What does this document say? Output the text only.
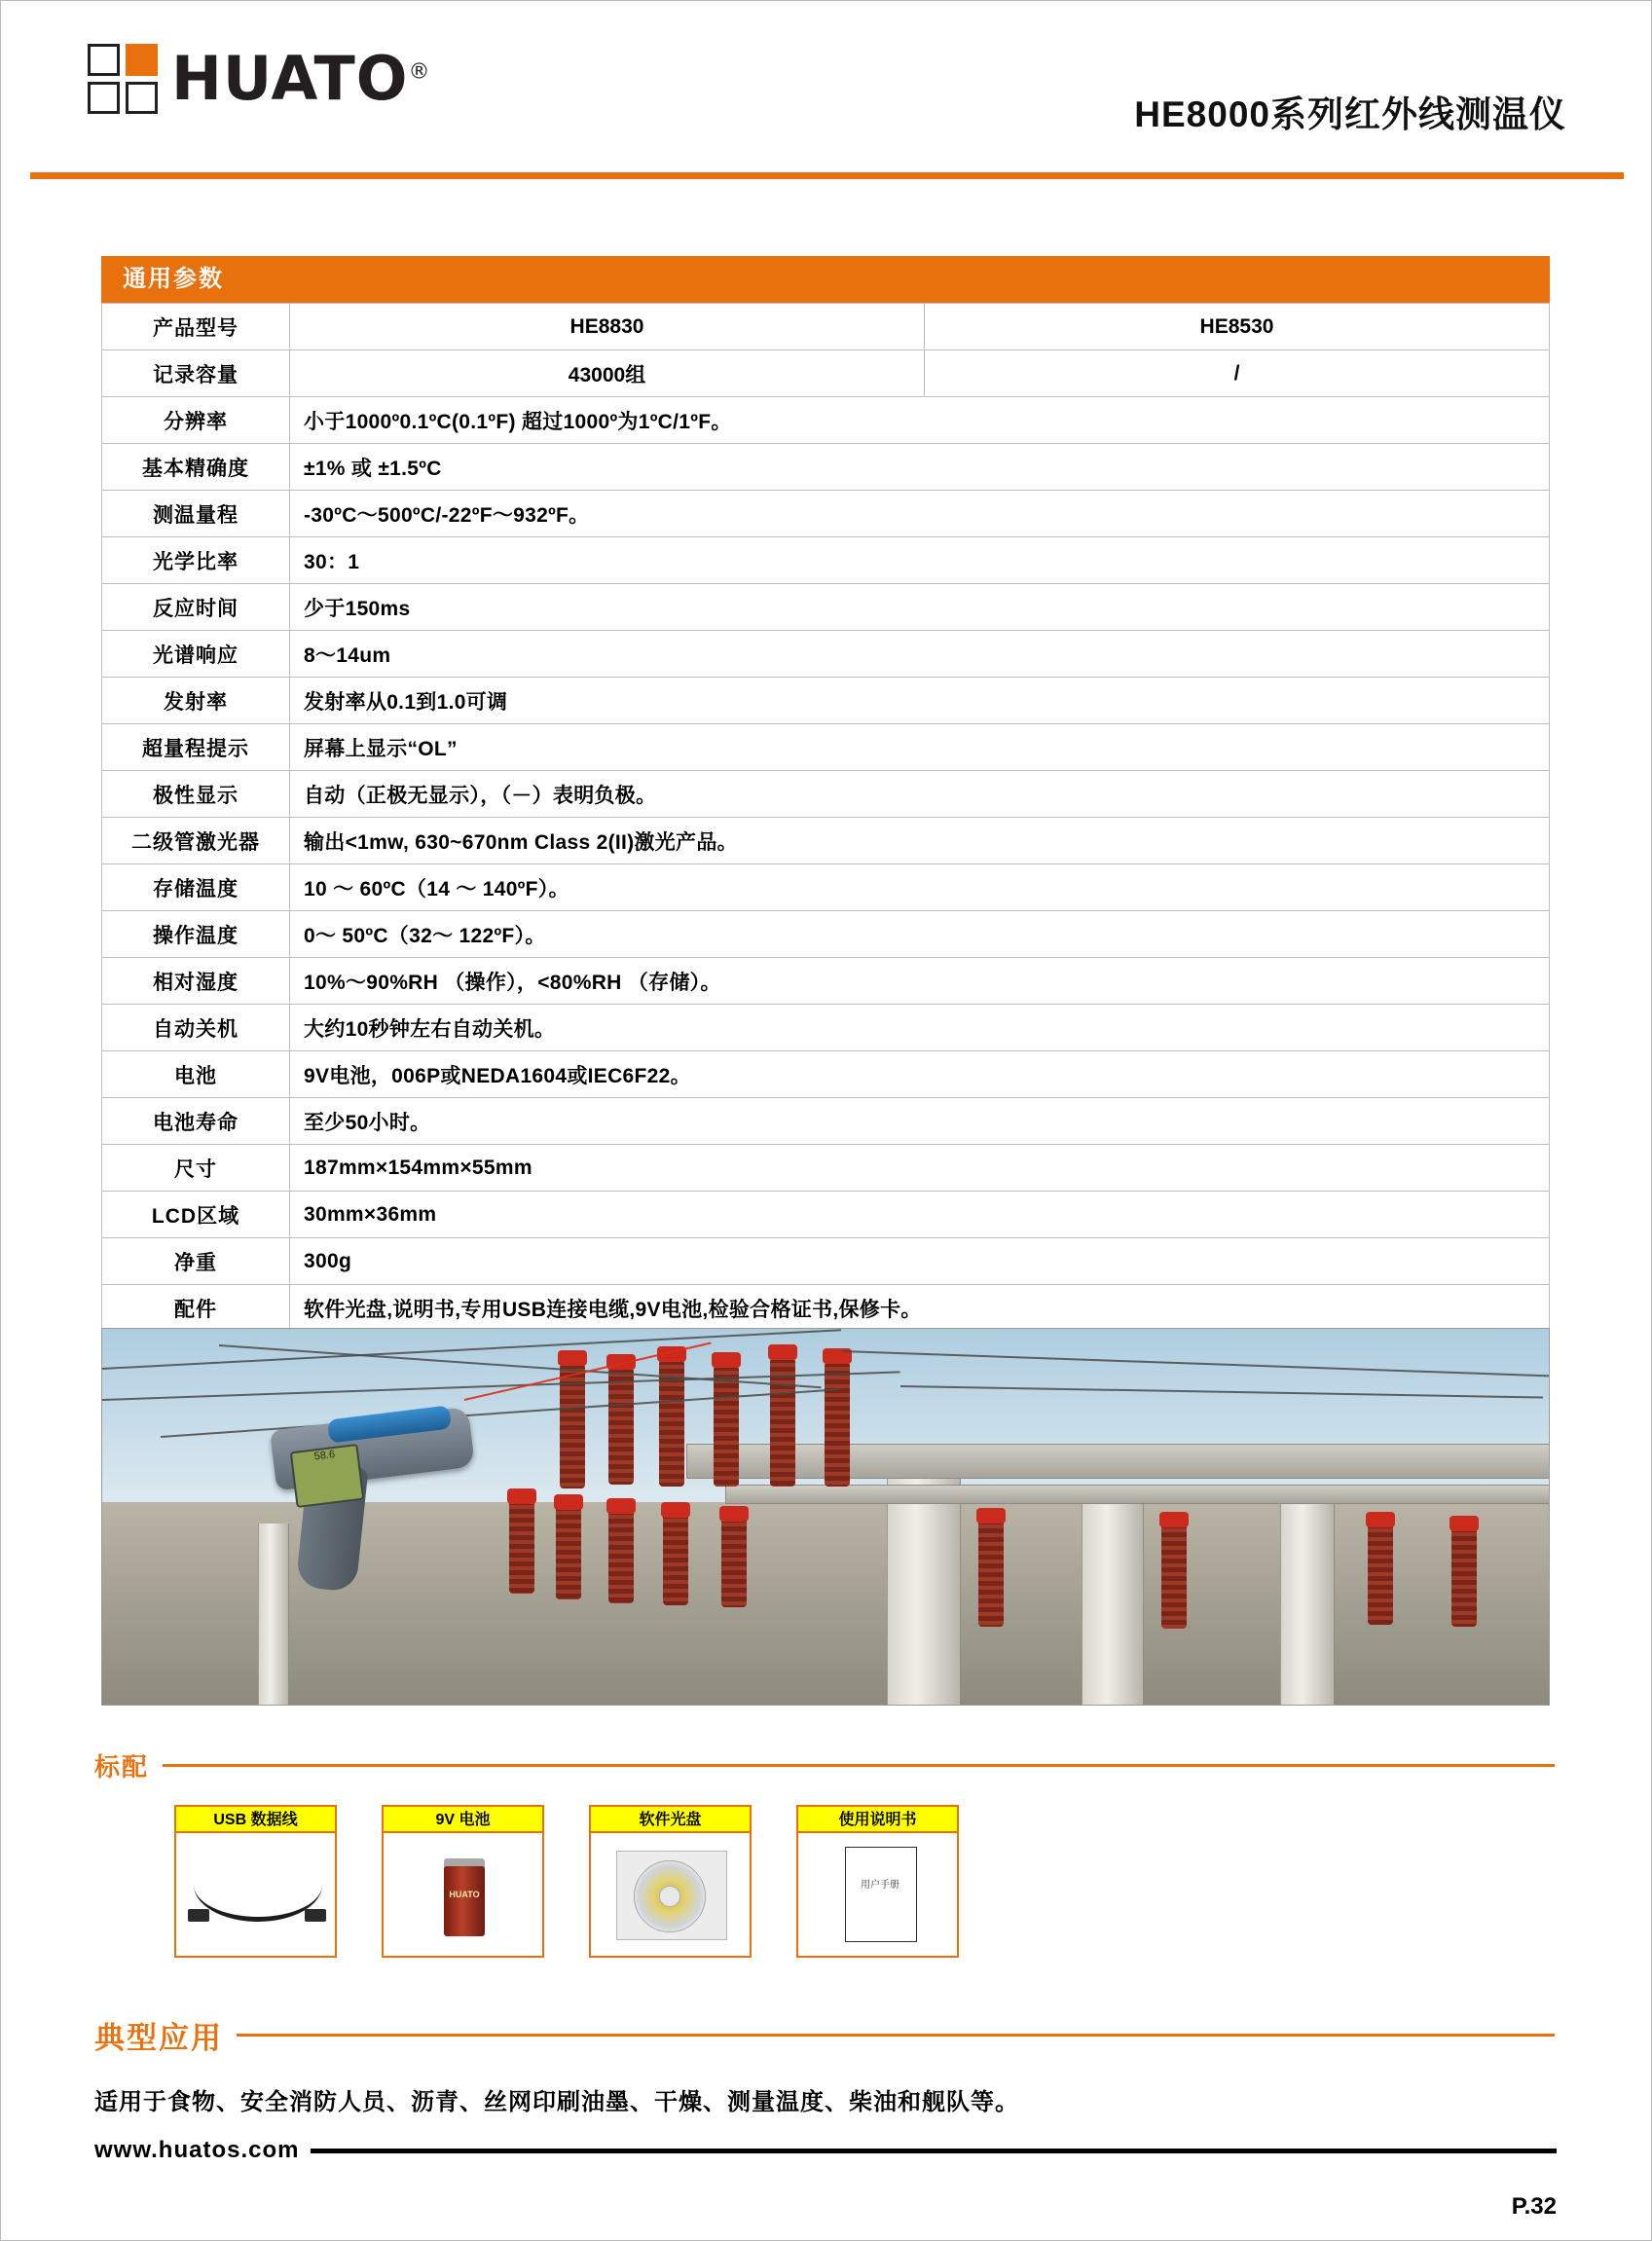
HUATO®
HE8000系列红外线测温仪
通用参数
产品型号	HE8830	HE8530
记录容量	43000组	/
分辨率	小于1000º0.1ºC(0.1ºF) 超过1000º为1ºC/1ºF。	
基本精确度	±1% 或 ±1.5ºC	
测温量程	-30ºC〜500ºC/-22ºF〜932ºF。	
光学比率	30：1	
反应时间	少于150ms	
光谱响应	8〜14um	
发射率	发射率从0.1到1.0可调	
超量程提示	屏幕上显示“OL”	
极性显示	自动（正极无显示），（－）表明负极。	
二级管激光器	输出<1mw, 630~670nm Class 2(II)激光产品。	
存储温度	10 〜 60ºC（14 〜 140ºF）。	
操作温度	0〜 50ºC（32〜 122ºF）。	
相对湿度	10%〜90%RH （操作），<80%RH （存储）。	
自动关机	大约10秒钟左右自动关机。	
电池	9V电池，006P或NEDA1604或IEC6F22。	
电池寿命	至少50小时。	
尺寸	187mm×154mm×55mm	
LCD区域	30mm×36mm	
净重	300g	
配件	软件光盘,说明书,专用USB连接电缆,9V电池,检验合格证书,保修卡。	
58.6
标配
USB 数据线	9V 电池
HUATO
软件光盘	使用说明书
用户手册
典型应用
适用于食物、安全消防人员、沥青、丝网印刷油墨、干燥、测量温度、柴油和舰队等。
www.huatos.com
P.32
